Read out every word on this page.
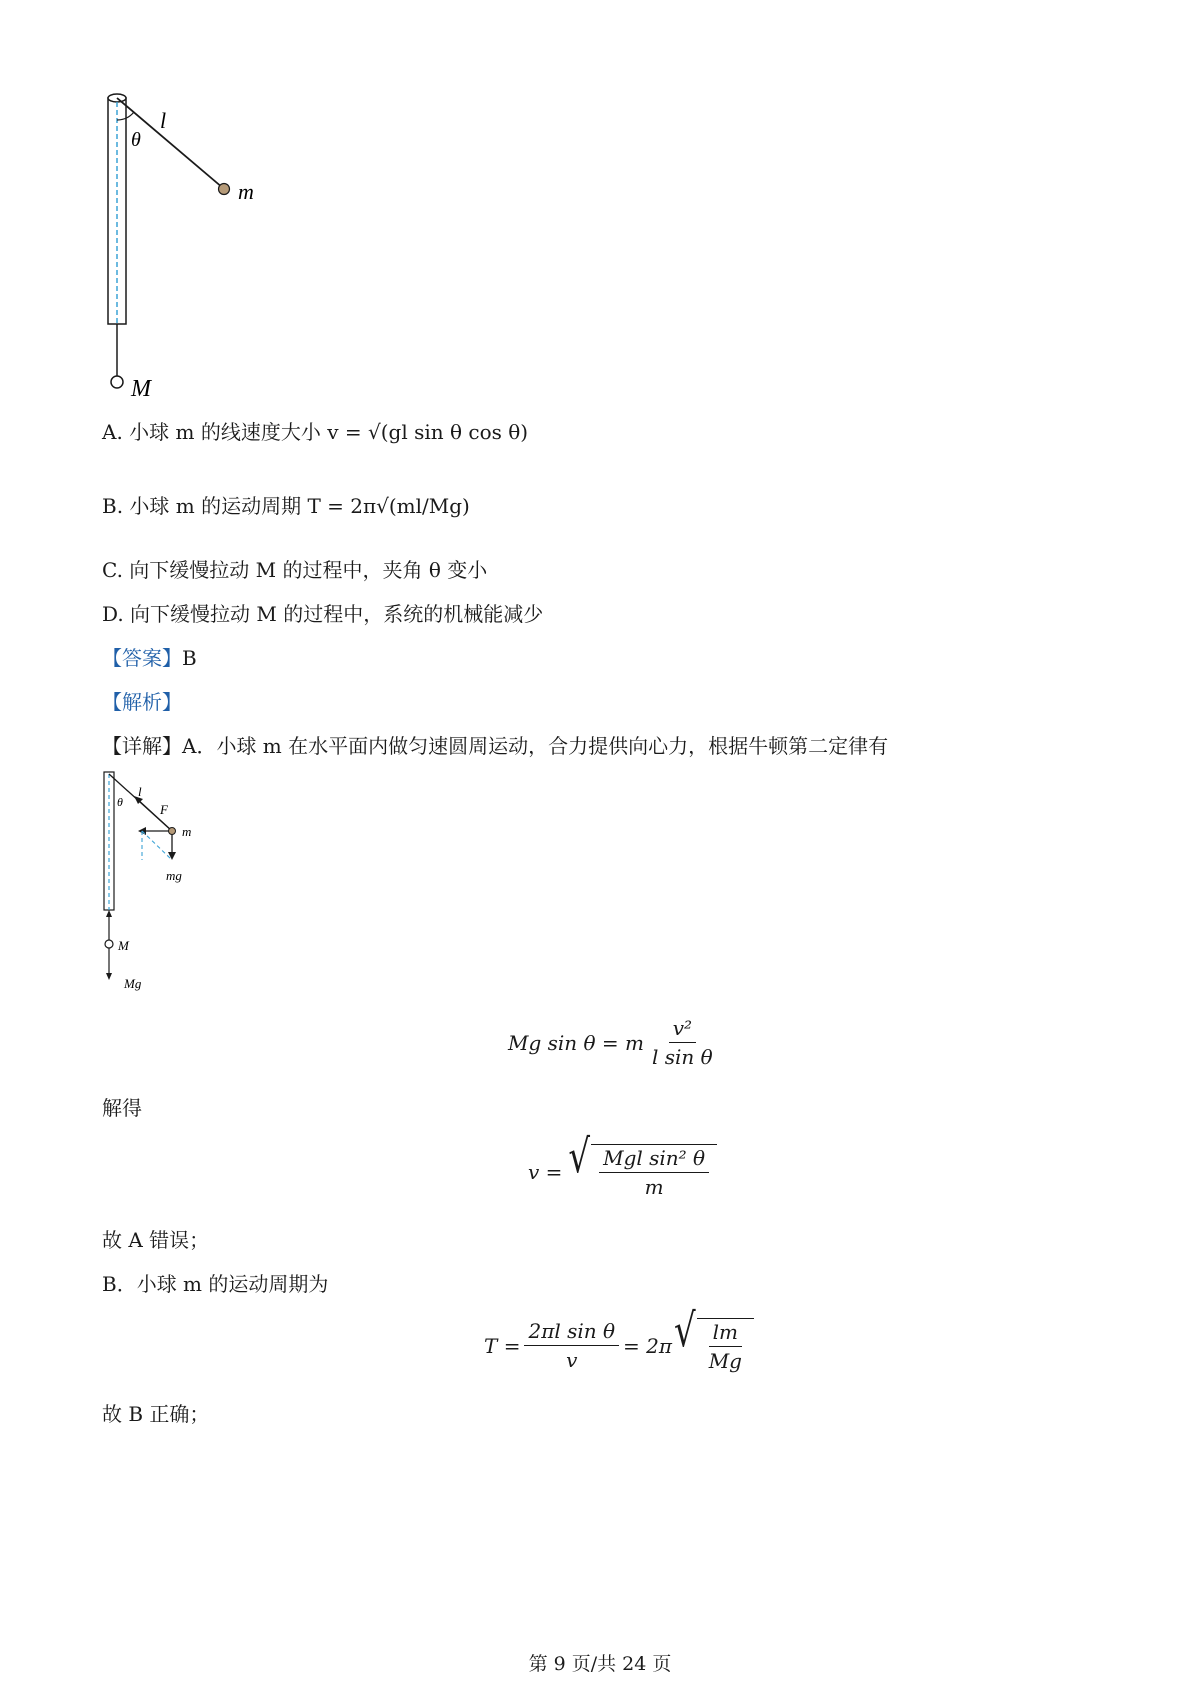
l
θ
m
M
A. 小球 m 的线速度大小 v = √(gl sin θ cos θ)
B. 小球 m 的运动周期 T = 2π√(ml/Mg)
C. 向下缓慢拉动 M 的过程中，夹角 θ 变小
D. 向下缓慢拉动 M 的过程中，系统的机械能减少
【答案】B
【解析】
【详解】A．小球 m 在水平面内做匀速圆周运动，合力提供向心力，根据牛顿第二定律有
l
θ	F
m
mg
M
Mg
Mg sin θ = m $\frac{\text{v²}}{\text{l sin θ}}$
解得
v = √ $\frac{\text{Mgl sin² θ}}{m}$
故 A 错误；
B．小球 m 的运动周期为
$T = \frac{\text{2πl sin θ}}{v} = 2\pi$ √ $\frac{lm}{Mg}$
故 B 正确；
第 9 页/共 24 页
